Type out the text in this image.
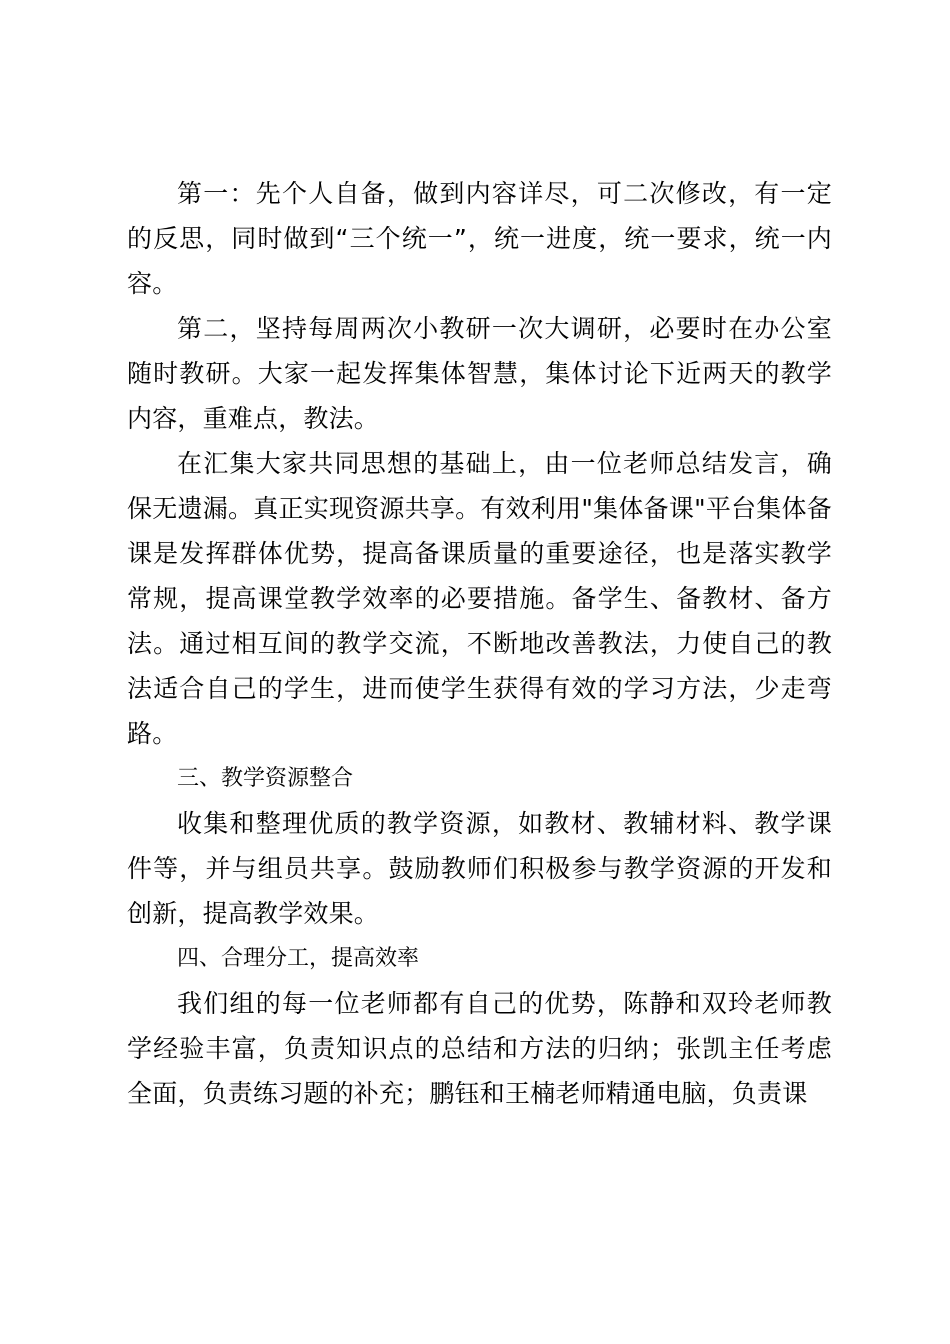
第一：先个人自备，做到内容详尽，可二次修改，有一定的反思，同时做到“三个统一”，统一进度，统一要求，统一内容。

第二，坚持每周两次小教研一次大调研，必要时在办公室随时教研。大家一起发挥集体智慧，集体讨论下近两天的教学内容，重难点，教法。

在汇集大家共同思想的基础上，由一位老师总结发言，确保无遗漏。真正实现资源共享。有效利用"集体备课"平台集体备课是发挥群体优势，提高备课质量的重要途径，也是落实教学常规，提高课堂教学效率的必要措施。备学生、备教材、备方法。通过相互间的教学交流，不断地改善教法，力使自己的教法适合自己的学生，进而使学生获得有效的学习方法，少走弯路。

三、教学资源整合

收集和整理优质的教学资源，如教材、教辅材料、教学课件等，并与组员共享。鼓励教师们积极参与教学资源的开发和创新，提高教学效果。

四、合理分工，提高效率

我们组的每一位老师都有自己的优势，陈静和双玲老师教学经验丰富，负责知识点的总结和方法的归纳；张凯主任考虑全面，负责练习题的补充；鹏钰和王楠老师精通电脑，负责课
